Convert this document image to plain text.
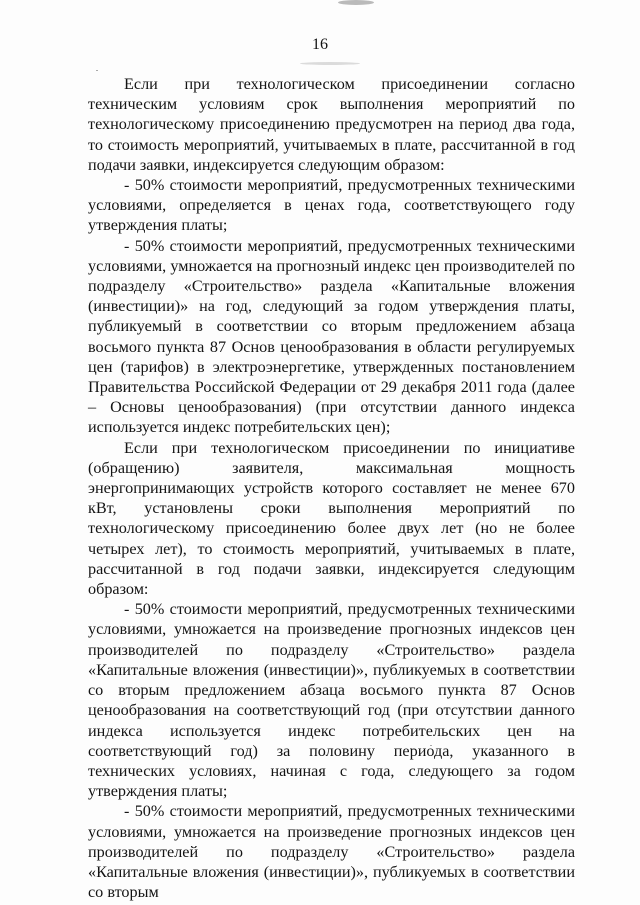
16

Если при технологическом присоединении согласно техническим условиям срок выполнения мероприятий по технологическому присоединению предусмотрен на период два года, то стоимость мероприятий, учитываемых в плате, рассчитанной в год подачи заявки, индексируется следующим образом:

- 50% стоимости мероприятий, предусмотренных техническими условиями, определяется в ценах года, соответствующего году утверждения платы;

- 50% стоимости мероприятий, предусмотренных техническими условиями, умножается на прогнозный индекс цен производителей по подразделу «Строительство» раздела «Капитальные вложения (инвестиции)» на год, следующий за годом утверждения платы, публикуемый в соответствии со вторым предложением абзаца восьмого пункта 87 Основ ценообразования в области регулируемых цен (тарифов) в электроэнергетике, утвержденных постановлением Правительства Российской Федерации от 29 декабря 2011 года (далее – Основы ценообразования) (при отсутствии данного индекса используется индекс потребительских цен);

Если при технологическом присоединении по инициативе (обращению) заявителя, максимальная мощность энергопринимающих устройств которого составляет не менее 670 кВт, установлены сроки выполнения мероприятий по технологическому присоединению более двух лет (но не более четырех лет), то стоимость мероприятий, учитываемых в плате, рассчитанной в год подачи заявки, индексируется следующим образом:

- 50% стоимости мероприятий, предусмотренных техническими условиями, умножается на произведение прогнозных индексов цен производителей по подразделу «Строительство» раздела «Капитальные вложения (инвестиции)», публикуемых в соответствии со вторым предложением абзаца восьмого пункта 87 Основ ценообразования на соответствующий год (при отсутствии данного индекса используется индекс потребительских цен на соответствующий год) за половину периода, указанного в технических условиях, начиная с года, следующего за годом утверждения платы;

- 50% стоимости мероприятий, предусмотренных техническими условиями, умножается на произведение прогнозных индексов цен производителей по подразделу «Строительство» раздела «Капитальные вложения (инвестиции)», публикуемых в соответствии со вторым
